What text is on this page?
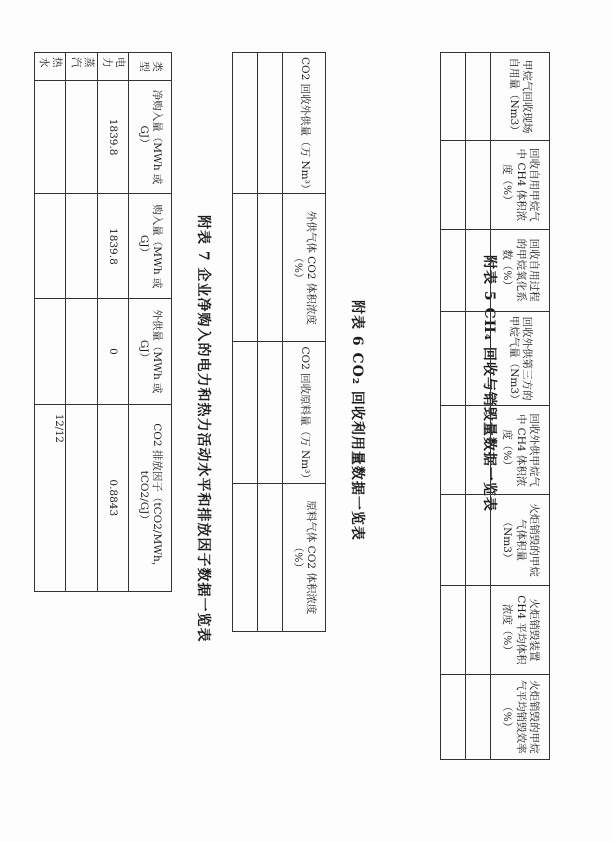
附表 5 CH₄ 回收与销毁量数据一览表
甲烷气回收现场自用量（Nm3）	回收自用甲烷气中 CH4 体积浓度（%）	回收自用过程的甲烷氧化系数（%）	回收外供第三方的甲烷气量（Nm3）	回收外供甲烷气中 CH4 体积浓度（%）	火炬销毁的甲烷气体积量（Nm3）	火炬销毁装置 CH4 平均体积浓度（%）	火炬销毁的甲烷气平均销毁效率（%）

附表 6 CO₂ 回收利用量数据一览表
CO2 回收外供量（万 Nm³）	外供气体 CO2 体积浓度（%）	CO2 回收原料量（万 Nm³）	原料气体 CO2 体积浓度（%）

附表 7 企业净购入的电力和热力活动水平和排放因子数据一览表
类型	净购入量（MWh 或 GJ）	购入量（MWh 或 GJ）	外供量（MWh 或 GJ）	CO2 排放因子（tCO2/MWh，tCO2/GJ）
电力	1839.8	1839.8	0	0.8843
蒸汽				
热水				
12/12
